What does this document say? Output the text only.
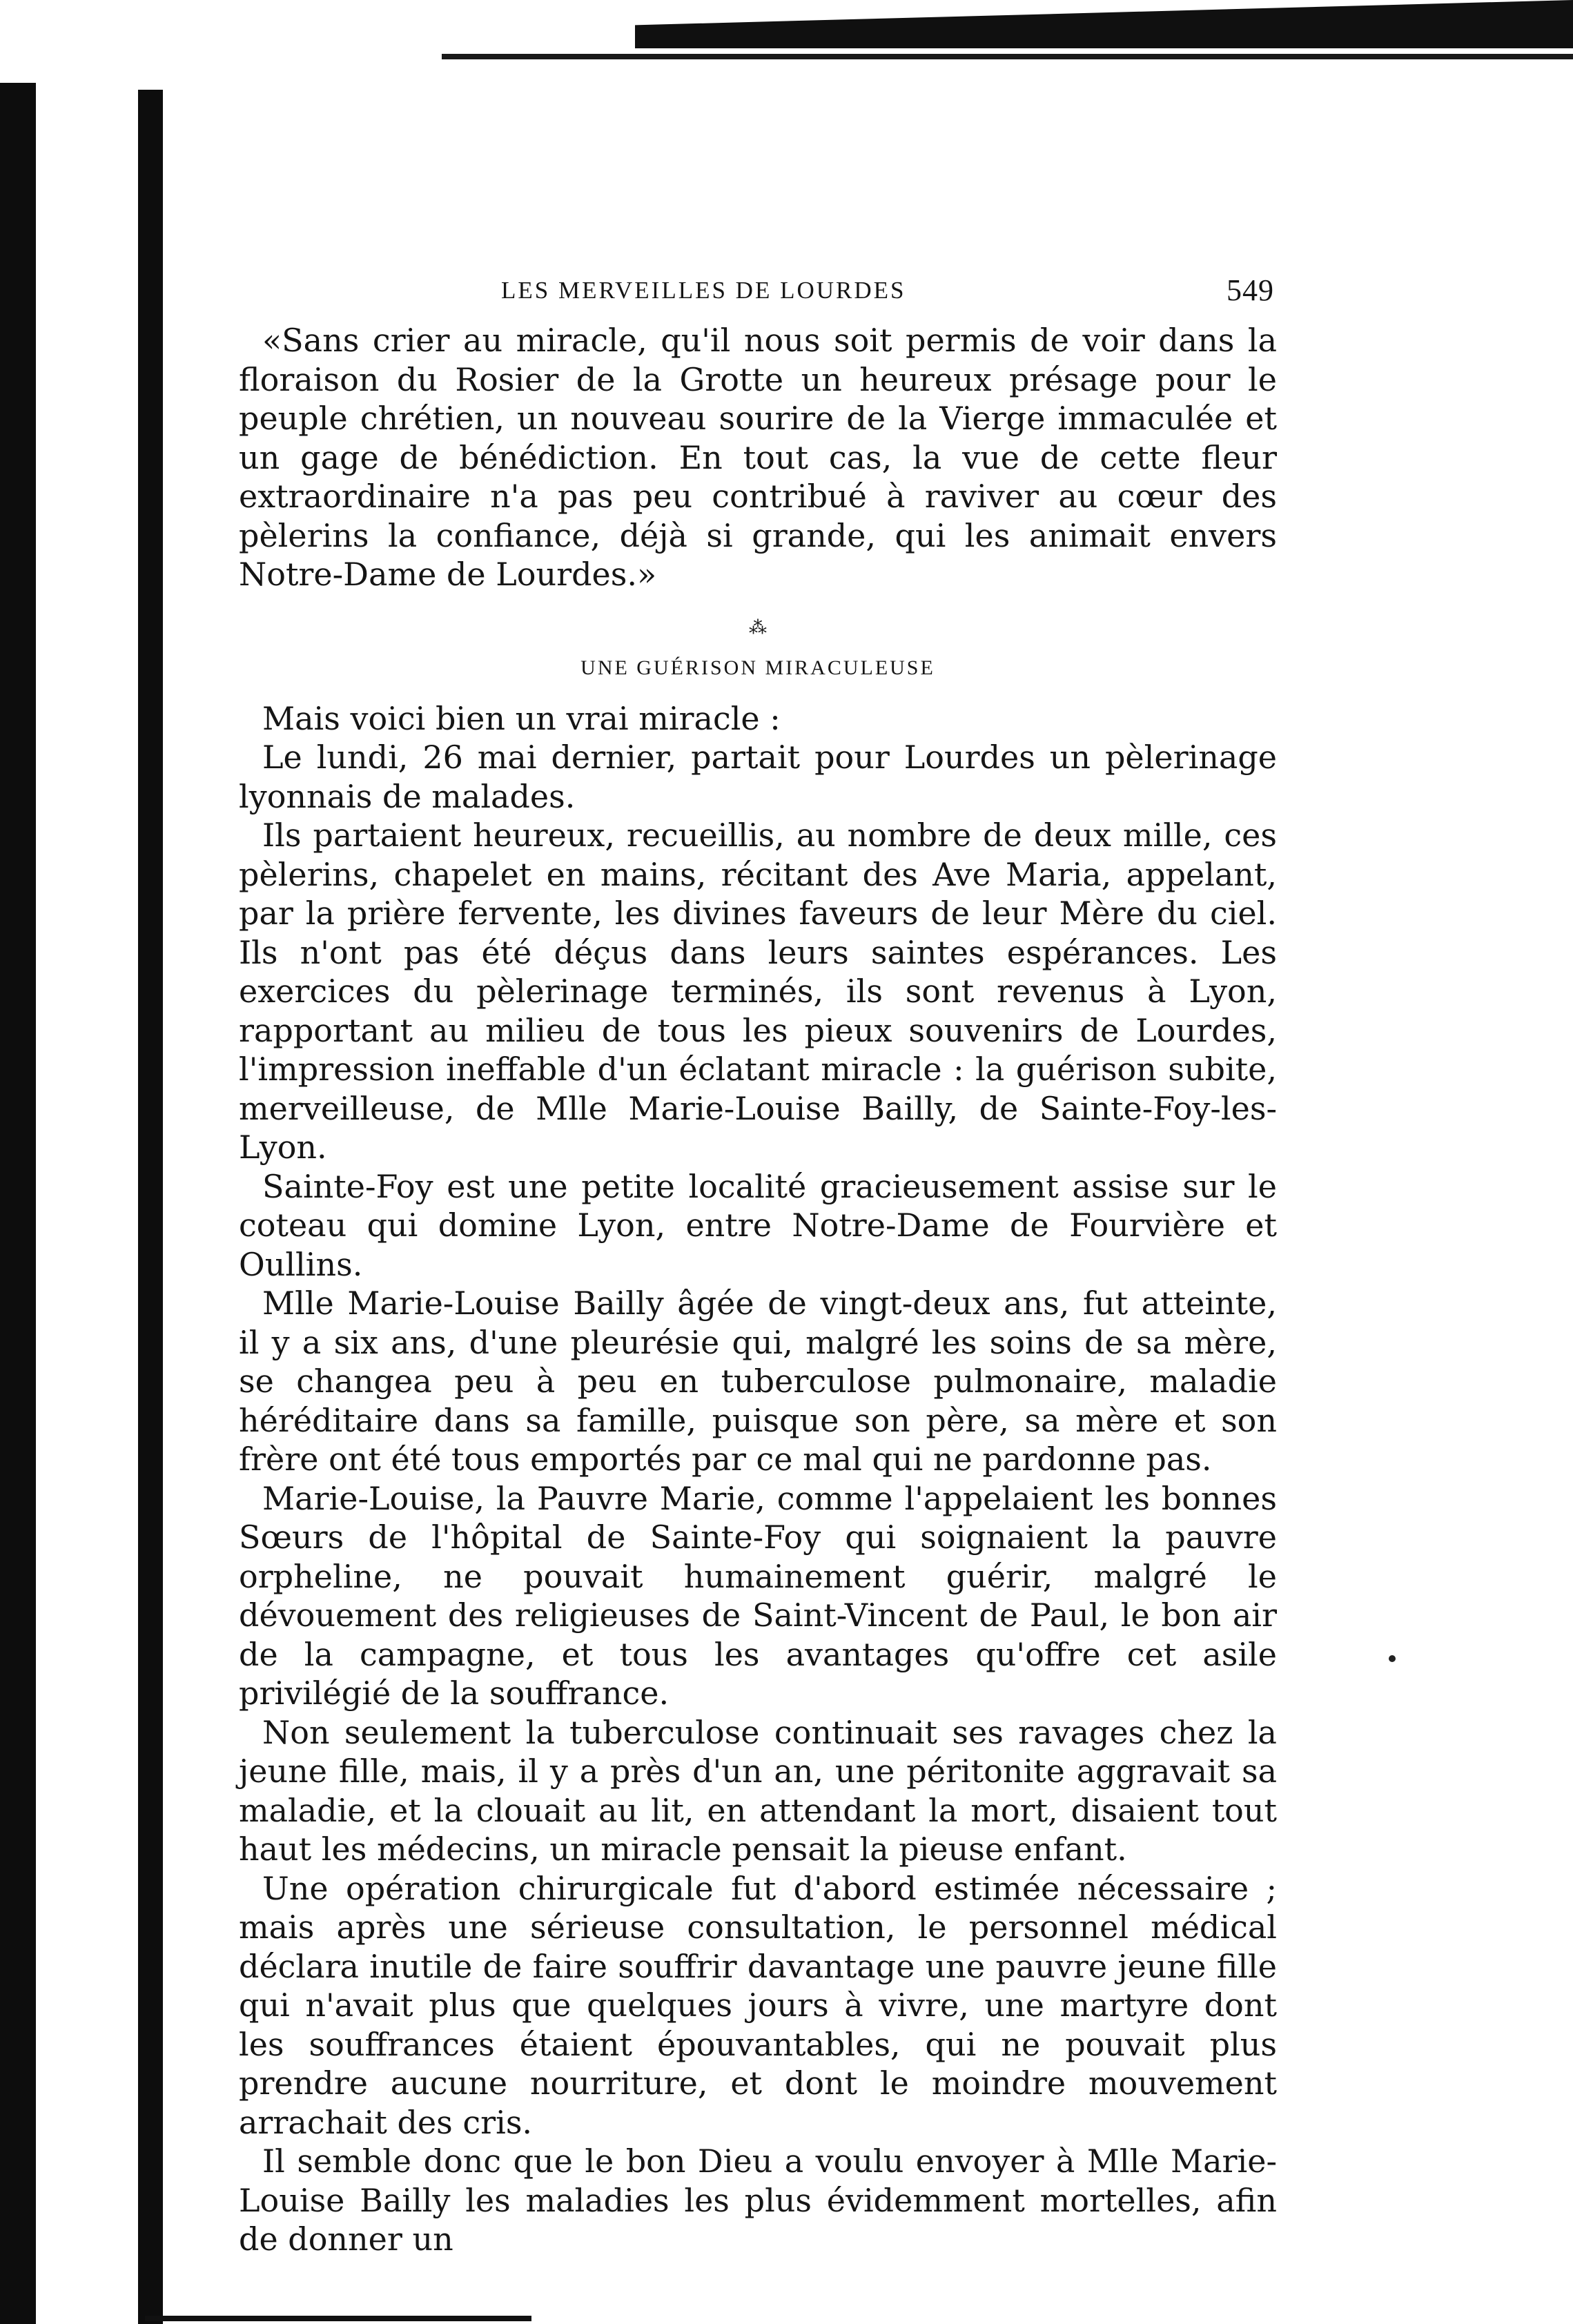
LES MERVEILLES DE LOURDES	549

«Sans crier au miracle, qu'il nous soit permis de voir dans la floraison du Rosier de la Grotte un heureux présage pour le peuple chrétien, un nouveau sourire de la Vierge immaculée et un gage de bénédiction. En tout cas, la vue de cette fleur extraordinaire n'a pas peu contribué à raviver au cœur des pèlerins la confiance, déjà si grande, qui les animait envers Notre-Dame de Lourdes.»

⁂
UNE GUÉRISON MIRACULEUSE

Mais voici bien un vrai miracle :

Le lundi, 26 mai dernier, partait pour Lourdes un pèlerinage lyonnais de malades.

Ils partaient heureux, recueillis, au nombre de deux mille, ces pèlerins, chapelet en mains, récitant des Ave Maria, appelant, par la prière fervente, les divines faveurs de leur Mère du ciel. Ils n'ont pas été déçus dans leurs saintes espérances. Les exercices du pèlerinage terminés, ils sont revenus à Lyon, rapportant au milieu de tous les pieux souvenirs de Lourdes, l'impression ineffable d'un éclatant miracle : la guérison subite, merveilleuse, de Mlle Marie-Louise Bailly, de Sainte-Foy-les-Lyon.

Sainte-Foy est une petite localité gracieusement assise sur le coteau qui domine Lyon, entre Notre-Dame de Fourvière et Oullins.

Mlle Marie-Louise Bailly âgée de vingt-deux ans, fut atteinte, il y a six ans, d'une pleurésie qui, malgré les soins de sa mère, se changea peu à peu en tuberculose pulmonaire, maladie héréditaire dans sa famille, puisque son père, sa mère et son frère ont été tous emportés par ce mal qui ne pardonne pas.

Marie-Louise, la Pauvre Marie, comme l'appelaient les bonnes Sœurs de l'hôpital de Sainte-Foy qui soignaient la pauvre orpheline, ne pouvait humainement guérir, malgré le dévouement des religieuses de Saint-Vincent de Paul, le bon air de la campagne, et tous les avantages qu'offre cet asile privilégié de la souffrance.

Non seulement la tuberculose continuait ses ravages chez la jeune fille, mais, il y a près d'un an, une péritonite aggravait sa maladie, et la clouait au lit, en attendant la mort, disaient tout haut les médecins, un miracle pensait la pieuse enfant.

Une opération chirurgicale fut d'abord estimée nécessaire ; mais après une sérieuse consultation, le personnel médical déclara inutile de faire souffrir davantage une pauvre jeune fille qui n'avait plus que quelques jours à vivre, une martyre dont les souffrances étaient épouvantables, qui ne pouvait plus prendre aucune nourriture, et dont le moindre mouvement arrachait des cris.

Il semble donc que le bon Dieu a voulu envoyer à Mlle Marie-Louise Bailly les maladies les plus évidemment mortelles, afin de donner un
